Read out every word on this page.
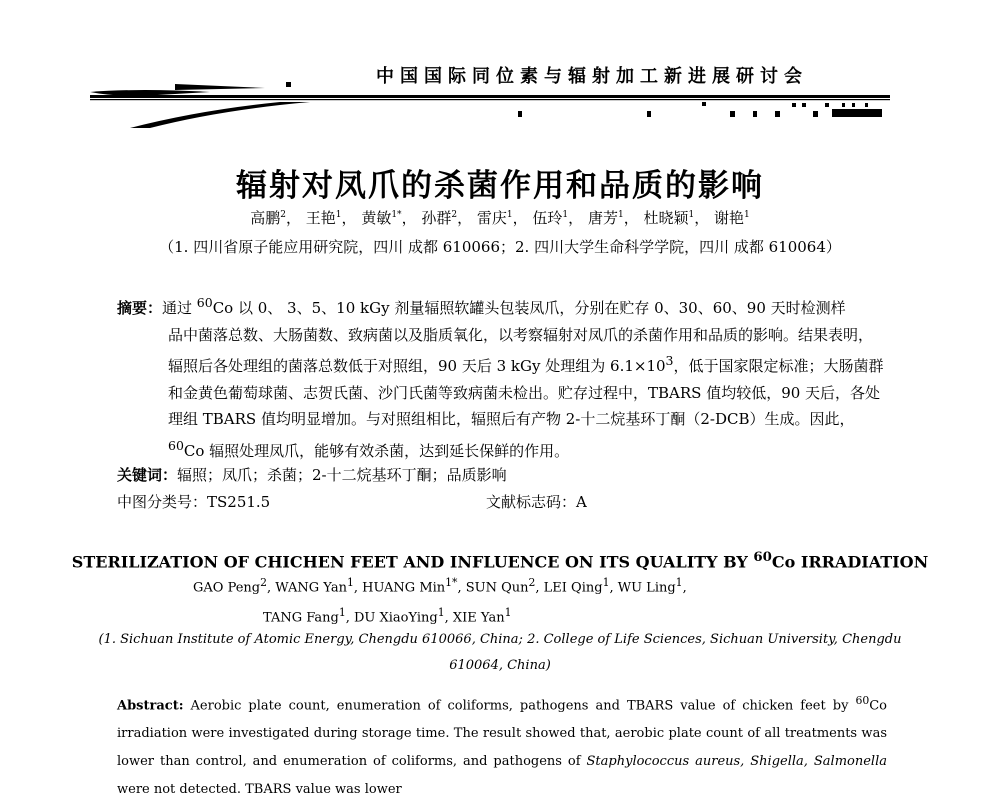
中国国际同位素与辐射加工新进展研讨会
辐射对凤爪的杀菌作用和品质的影响
高鹏$^2$， 王艳$^1$， 黄敏$^{1*}$， 孙群$^2$， 雷庆$^1$， 伍玲$^1$， 唐芳$^1$， 杜晓颖$^1$， 谢艳$^1$
（1. 四川省原子能应用研究院，四川 成都 610066；2. 四川大学生命科学学院，四川 成都 610064）
摘要：通过 $^{60}$Co 以 0、 3、5、10 kGy 剂量辐照软罐头包装凤爪，分别在贮存 0、30、60、90 天时检测样
品中菌落总数、大肠菌数、致病菌以及脂质氧化，以考察辐射对凤爪的杀菌作用和品质的影响。结果表明，辐照后各处理组的菌落总数低于对照组，90 天后 3 kGy 处理组为 $6.1\times 10^3$，低于国家限定标准；大肠菌群和金黄色葡萄球菌、志贺氏菌、沙门氏菌等致病菌未检出。贮存过程中，TBARS 值均较低，90 天后，各处理组 TBARS 值均明显增加。与对照组相比，辐照后有产物 2-十二烷基环丁酮（2-DCB）生成。因此，$^{60}$Co 辐照处理凤爪，能够有效杀菌，达到延长保鲜的作用。
关键词：辐照；凤爪；杀菌；2-十二烷基环丁酮；品质影响
中图分类号：TS251.5	文献标志码：A
STERILIZATION OF CHICHEN FEET AND INFLUENCE ON ITS QUALITY BY $^{60}$Co IRRADIATION
GAO Peng$^2$, WANG Yan$^1$, HUANG Min$^{1*}$, SUN Qun$^2$, LEI Qing$^1$, WU Ling$^1$,
TANG Fang$^1$, DU XiaoYing$^1$, XIE Yan$^1$
(1. Sichuan Institute of Atomic Energy, Chengdu 610066, China; 2. College of Life Sciences, Sichuan University, Chengdu
610064, China)
Abstract: Aerobic plate count, enumeration of coliforms, pathogens and TBARS value of chicken feet by $^{60}$Co irradiation were investigated during storage time. The result showed that, aerobic plate count of all treatments was lower than control, and enumeration of coliforms, and pathogens of Staphylococcus aureus, Shigella, Salmonella were not detected. TBARS value was lower
